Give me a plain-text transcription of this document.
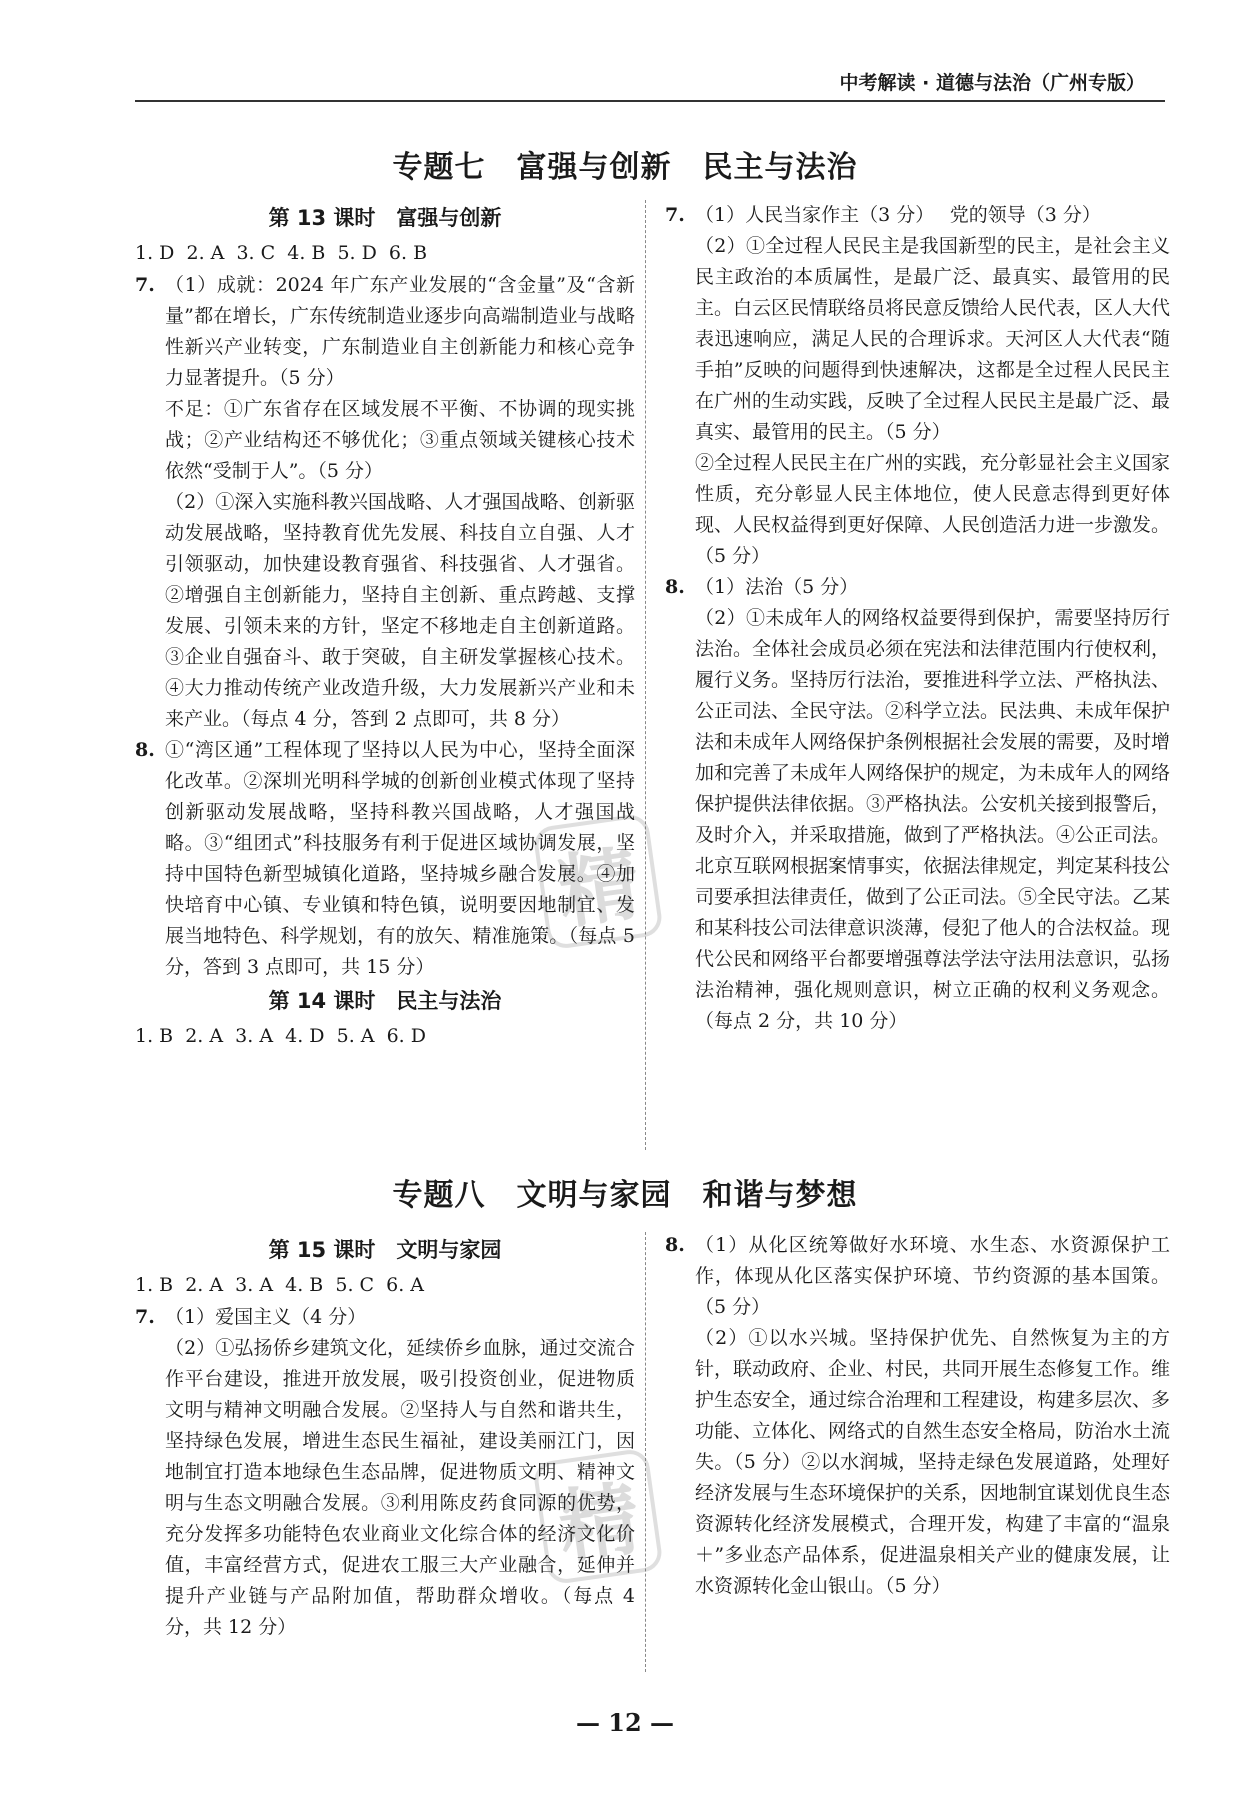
中考解读 · 道德与法治（广州专版）
专题七　富强与创新　民主与法治
第 13 课时　富强与创新
1. D  2. A  3. C  4. B  5. D  6. B
7. （1）成就：2024 年广东产业发展的“含金量”及“含新量”都在增长，广东传统制造业逐步向高端制造业与战略性新兴产业转变，广东制造业自主创新能力和核心竞争力显著提升。（5 分）

不足：①广东省存在区域发展不平衡、不协调的现实挑战；②产业结构还不够优化；③重点领域关键核心技术依然“受制于人”。（5 分）

（2）①深入实施科教兴国战略、人才强国战略、创新驱动发展战略，坚持教育优先发展、科技自立自强、人才引领驱动，加快建设教育强省、科技强省、人才强省。②增强自主创新能力，坚持自主创新、重点跨越、支撑发展、引领未来的方针，坚定不移地走自主创新道路。③企业自强奋斗、敢于突破，自主研发掌握核心技术。④大力推动传统产业改造升级，大力发展新兴产业和未来产业。（每点 4 分，答到 2 点即可，共 8 分）

8. ①“湾区通”工程体现了坚持以人民为中心，坚持全面深化改革。②深圳光明科学城的创新创业模式体现了坚持创新驱动发展战略，坚持科教兴国战略，人才强国战略。③“组团式”科技服务有利于促进区域协调发展，坚持中国特色新型城镇化道路，坚持城乡融合发展。④加快培育中心镇、专业镇和特色镇，说明要因地制宜、发展当地特色、科学规划，有的放矢、精准施策。（每点 5 分，答到 3 点即可，共 15 分）

第 14 课时　民主与法治
1. B  2. A  3. A  4. D  5. A  6. D
7. （1）人民当家作主（3 分）　 党的领导（3 分）

（2）①全过程人民民主是我国新型的民主，是社会主义民主政治的本质属性，是最广泛、最真实、最管用的民主。白云区民情联络员将民意反馈给人民代表，区人大代表迅速响应，满足人民的合理诉求。天河区人大代表“随手拍”反映的问题得到快速解决，这都是全过程人民民主在广州的生动实践，反映了全过程人民民主是最广泛、最真实、最管用的民主。（5 分）

②全过程人民民主在广州的实践，充分彰显社会主义国家性质，充分彰显人民主体地位，使人民意志得到更好体现、人民权益得到更好保障、人民创造活力进一步激发。（5 分）

8. （1）法治（5 分）

（2）①未成年人的网络权益要得到保护，需要坚持厉行法治。全体社会成员必须在宪法和法律范围内行使权利，履行义务。坚持厉行法治，要推进科学立法、严格执法、公正司法、全民守法。②科学立法。民法典、未成年保护法和未成年人网络保护条例根据社会发展的需要，及时增加和完善了未成年人网络保护的规定，为未成年人的网络保护提供法律依据。③严格执法。公安机关接到报警后，及时介入，并采取措施，做到了严格执法。④公正司法。北京互联网根据案情事实，依据法律规定，判定某科技公司要承担法律责任，做到了公正司法。⑤全民守法。乙某和某科技公司法律意识淡薄，侵犯了他人的合法权益。现代公民和网络平台都要增强尊法学法守法用法意识，弘扬法治精神，强化规则意识，树立正确的权利义务观念。（每点 2 分，共 10 分）

精
专题八　文明与家园　和谐与梦想
第 15 课时　文明与家园
1. B  2. A  3. A  4. B  5. C  6. A
7. （1）爱国主义（4 分）

（2）①弘扬侨乡建筑文化，延续侨乡血脉，通过交流合作平台建设，推进开放发展，吸引投资创业，促进物质文明与精神文明融合发展。②坚持人与自然和谐共生，坚持绿色发展，增进生态民生福祉，建设美丽江门，因地制宜打造本地绿色生态品牌，促进物质文明、精神文明与生态文明融合发展。③利用陈皮药食同源的优势，充分发挥多功能特色农业商业文化综合体的经济文化价值，丰富经营方式，促进农工服三大产业融合，延伸并提升产业链与产品附加值，帮助群众增收。（每点 4 分，共 12 分）

8. （1）从化区统筹做好水环境、水生态、水资源保护工作，体现从化区落实保护环境、节约资源的基本国策。（5 分）

（2）①以水兴城。坚持保护优先、自然恢复为主的方针，联动政府、企业、村民，共同开展生态修复工作。维护生态安全，通过综合治理和工程建设，构建多层次、多功能、立体化、网络式的自然生态安全格局，防治水土流失。（5 分）②以水润城，坚持走绿色发展道路，处理好经济发展与生态环境保护的关系，因地制宜谋划优良生态资源转化经济发展模式，合理开发，构建了丰富的“温泉＋”多业态产品体系，促进温泉相关产业的健康发展，让水资源转化金山银山。（5 分）

精
— 12 —
